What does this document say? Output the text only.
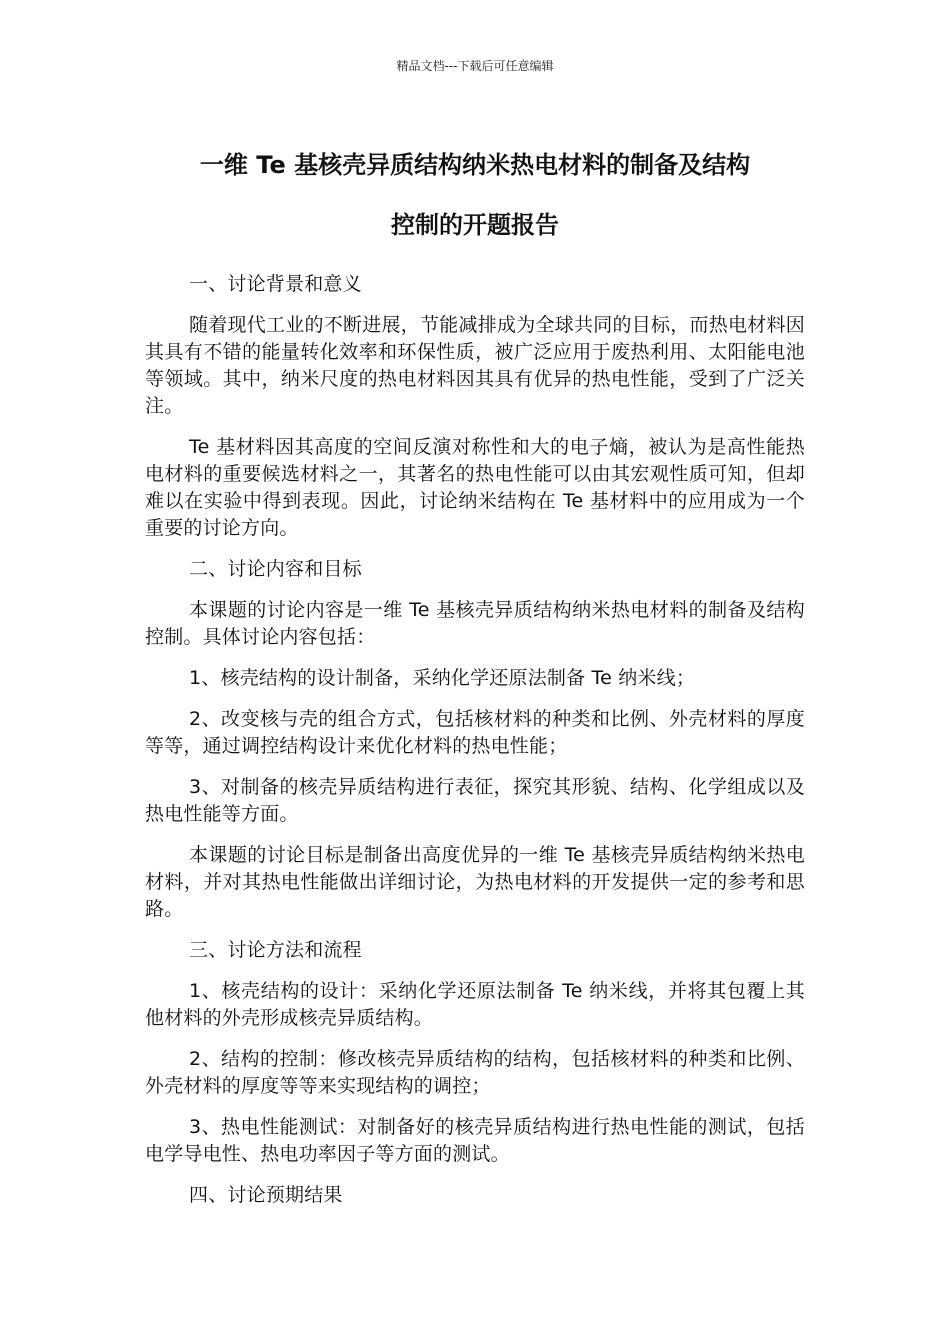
精品文档---下载后可任意编辑
一维 Te 基核壳异质结构纳米热电材料的制备及结构
控制的开题报告

一、讨论背景和意义

随着现代工业的不断进展，节能减排成为全球共同的目标，而热电材料因其具有不错的能量转化效率和环保性质，被广泛应用于废热利用、太阳能电池等领域。其中，纳米尺度的热电材料因其具有优异的热电性能，受到了广泛关注。

Te 基材料因其高度的空间反演对称性和大的电子熵，被认为是高性能热电材料的重要候选材料之一，其著名的热电性能可以由其宏观性质可知，但却难以在实验中得到表现。因此，讨论纳米结构在 Te 基材料中的应用成为一个重要的讨论方向。

二、讨论内容和目标

本课题的讨论内容是一维 Te 基核壳异质结构纳米热电材料的制备及结构控制。具体讨论内容包括：

1、核壳结构的设计制备，采纳化学还原法制备 Te 纳米线；

2、改变核与壳的组合方式，包括核材料的种类和比例、外壳材料的厚度等等，通过调控结构设计来优化材料的热电性能；

3、对制备的核壳异质结构进行表征，探究其形貌、结构、化学组成以及热电性能等方面。

本课题的讨论目标是制备出高度优异的一维 Te 基核壳异质结构纳米热电材料，并对其热电性能做出详细讨论，为热电材料的开发提供一定的参考和思路。

三、讨论方法和流程

1、核壳结构的设计：采纳化学还原法制备 Te 纳米线，并将其包覆上其他材料的外壳形成核壳异质结构。

2、结构的控制：修改核壳异质结构的结构，包括核材料的种类和比例、外壳材料的厚度等等来实现结构的调控；

3、热电性能测试：对制备好的核壳异质结构进行热电性能的测试，包括电学导电性、热电功率因子等方面的测试。

四、讨论预期结果
